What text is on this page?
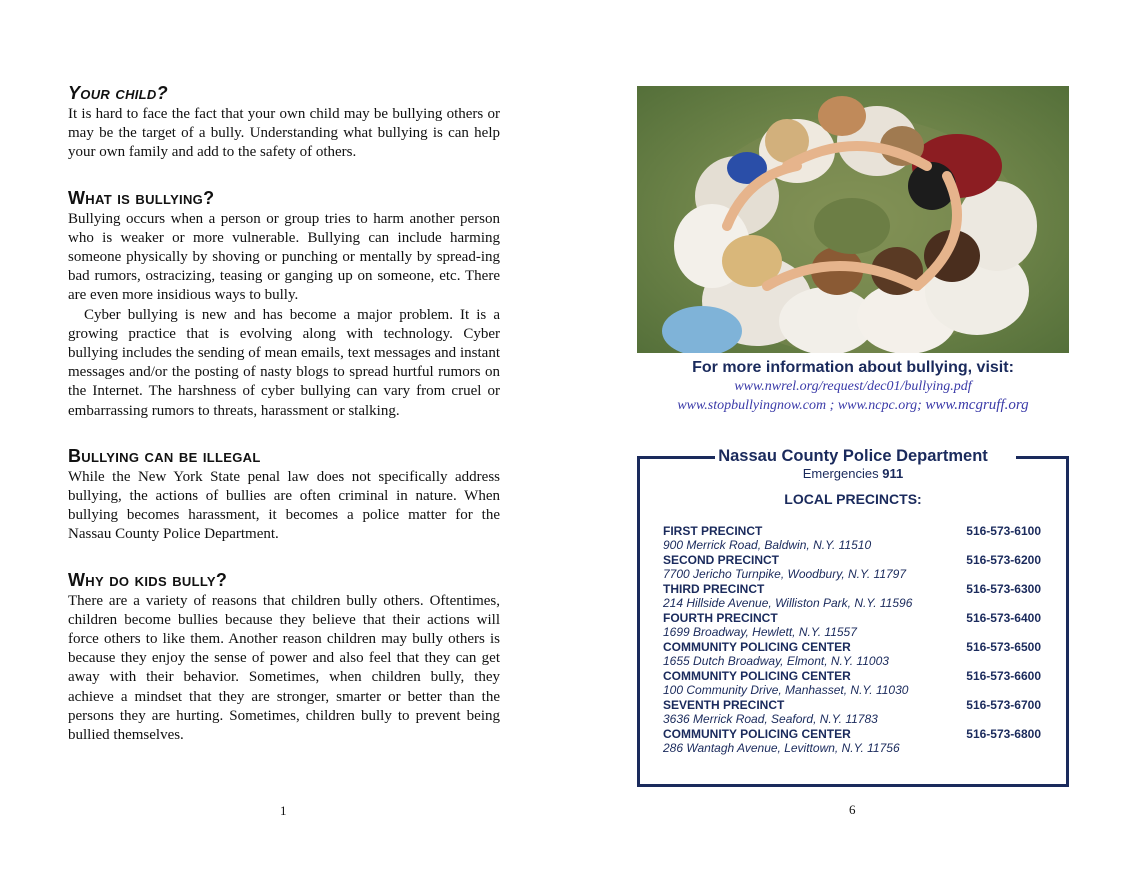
Your child?

It is hard to face the fact that your own child may be bullying others or may be the target of a bully. Understanding what bullying is can help your own family and add to the safety of others.

What is bullying?

Bullying occurs when a person or group tries to harm another person who is weaker or more vulnerable. Bullying can include harming someone physically by shoving or punching or mentally by spread-ing bad rumors, ostracizing, teasing or ganging up on someone, etc. There are even more insidious ways to bully.

Cyber bullying is new and has become a major problem. It is a growing practice that is evolving along with technology. Cyber bullying includes the sending of mean emails, text messages and instant messages and/or the posting of nasty blogs to spread hurtful rumors on the Internet. The harshness of cyber bullying can vary from cruel or embarrassing rumors to threats, harassment or stalking.

Bullying can be illegal

While the New York State penal law does not specifically address bullying, the actions of bullies are often criminal in nature. When bullying becomes harassment, it becomes a police matter for the Nassau County Police Department.

Why do kids bully?

There are a variety of reasons that children bully others. Oftentimes, children become bullies because they believe that their actions will force others to like them. Another reason children may bully others is because they enjoy the sense of power and also feel that they can get away with their behavior. Sometimes, when children bully, they achieve a mindset that they are stronger, smarter or better than the persons they are hurting. Sometimes, children bully to prevent being bullied themselves.

1
For more information about bullying, visit:
www.nwrel.org/request/dec01/bullying.pdf
www.stopbullyingnow.com ; www.ncpc.org; www.mcgruff.org
Nassau County Police Department
Emergencies 911
LOCAL PRECINCTS:
FIRST PRECINCT
900 Merrick Road, Baldwin, N.Y. 11510
516-573-6100
SECOND PRECINCT
7700 Jericho Turnpike, Woodbury, N.Y. 11797
516-573-6200
THIRD PRECINCT
214 Hillside Avenue, Williston Park, N.Y. 11596
516-573-6300
FOURTH PRECINCT
1699 Broadway, Hewlett, N.Y. 11557
516-573-6400
COMMUNITY POLICING CENTER
1655 Dutch Broadway, Elmont, N.Y. 11003
516-573-6500
COMMUNITY POLICING CENTER
100 Community Drive, Manhasset, N.Y. 11030
516-573-6600
SEVENTH PRECINCT
3636 Merrick Road, Seaford, N.Y. 11783
516-573-6700
COMMUNITY POLICING CENTER
286 Wantagh Avenue, Levittown, N.Y. 11756
516-573-6800
6
